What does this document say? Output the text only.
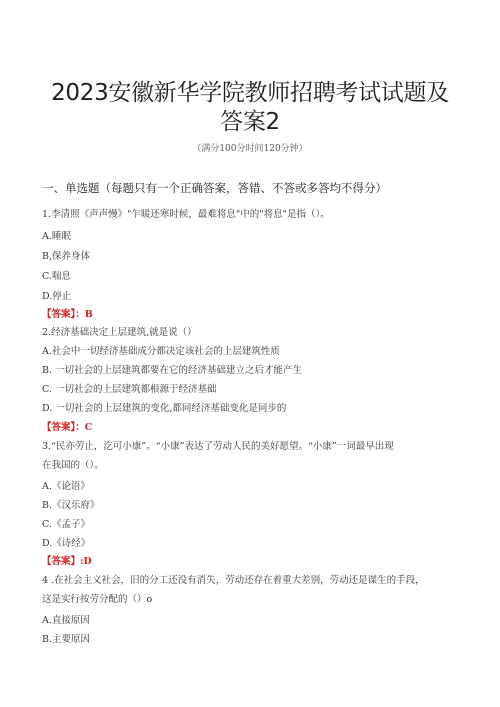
2023安徽新华学院教师招聘考试试题及
答案2
（满分100分时间120分钟）
一、单选题（每题只有一个正确答案，答错、不答或多答均不得分）
1.李清照《声声慢》"乍暖还寒时候，最难将息"中的"将息"是指（）。
A.睡眠
B,保养身体
C.喘息
D.停止
【答案】：B
2.经济基础决定上层建筑,就是说（）
A.社会中一切经济基础成分都决定该社会的上层建筑性质
B. 一切社会的上层建筑都要在它的经济基础建立之后才能产生
C. 一切社会的上层建筑都根源于经济基础
D. 一切社会的上层建筑的变化,都同经济基础变化是同步的
【答案】：C
3.“民亦劳止，汔可小康”。“小康”表达了劳动人民的美好愿望。“小康”一词最早出现
在我国的（）。
A.《论语》
B.《汉乐府》
C.《孟子》
D.《诗经》
【答案】:D
4 .在社会主义社会，旧的分工还没有消失，劳动还存在着重大差别，劳动还是谋生的手段，
这是实行按劳分配的（）o
A.直接原因
B.主要原因
